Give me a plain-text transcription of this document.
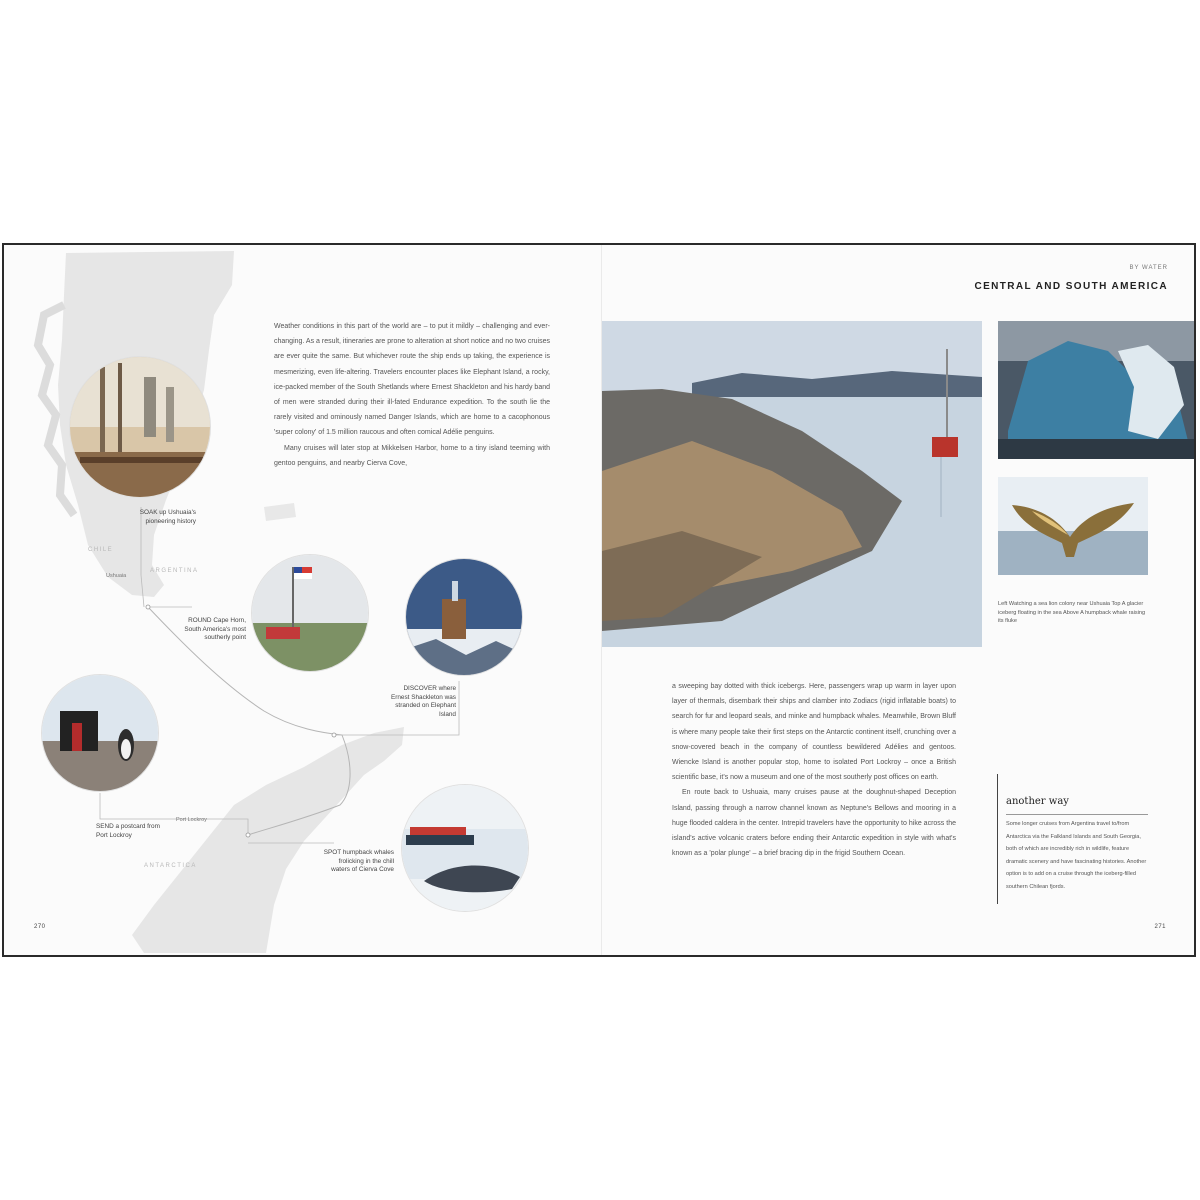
CHILE
ARGENTINA
Ushuaia
Port Lockroy
ANTARCTICA
SOAK up Ushuaia's pioneering history
ROUND Cape Horn, South America's most southerly point
DISCOVER where Ernest Shackleton was stranded on Elephant Island
SEND a postcard from Port Lockroy
SPOT humpback whales frolicking in the chill waters of Cierva Cove

Weather conditions in this part of the world are – to put it mildly – challenging and ever-changing. As a result, itineraries are prone to alteration at short notice and no two cruises are ever quite the same. But whichever route the ship ends up taking, the experience is mesmerizing, even life-altering. Travelers encounter places like Elephant Island, a rocky, ice-packed member of the South Shetlands where Ernest Shackleton and his hardy band of men were stranded during their ill-fated Endurance expedition. To the south lie the rarely visited and ominously named Danger Islands, which are home to a cacophonous 'super colony' of 1.5 million raucous and often comical Adélie penguins.

Many cruises will later stop at Mikkelsen Harbor, home to a tiny island teeming with gentoo penguins, and nearby Cierva Cove,

270
BY WATER
CENTRAL AND SOUTH AMERICA
Left Watching a sea lion colony near Ushuaia Top A glacier iceberg floating in the sea Above A humpback whale raising its fluke

a sweeping bay dotted with thick icebergs. Here, passengers wrap up warm in layer upon layer of thermals, disembark their ships and clamber into Zodiacs (rigid inflatable boats) to search for fur and leopard seals, and minke and humpback whales. Meanwhile, Brown Bluff is where many people take their first steps on the Antarctic continent itself, crunching over a snow-covered beach in the company of countless bewildered Adélies and gentoos. Wiencke Island is another popular stop, home to isolated Port Lockroy – once a British scientific base, it's now a museum and one of the most southerly post offices on earth.

En route back to Ushuaia, many cruises pause at the doughnut-shaped Deception Island, passing through a narrow channel known as Neptune's Bellows and mooring in a huge flooded caldera in the center. Intrepid travelers have the opportunity to hike across the island's active volcanic craters before ending their Antarctic expedition in style with what's known as a 'polar plunge' – a brief bracing dip in the frigid Southern Ocean.

another way
Some longer cruises from Argentina travel to/from Antarctica via the Falkland Islands and South Georgia, both of which are incredibly rich in wildlife, feature dramatic scenery and have fascinating histories. Another option is to add on a cruise through the iceberg-filled southern Chilean fjords.
271
